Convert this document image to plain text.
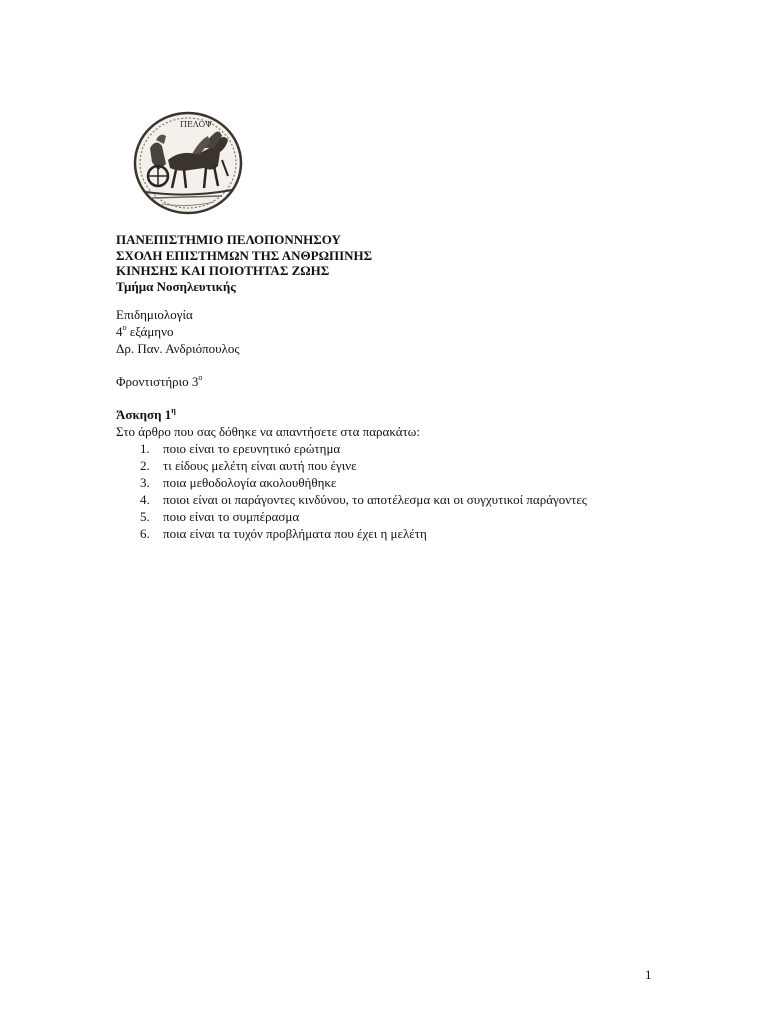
ΠΕΛΟΨ
ΠΑΝΕΠΙΣΤΗΜΙΟ ΠΕΛΟΠΟΝΝΗΣΟΥ
ΣΧΟΛΗ ΕΠΙΣΤΗΜΩΝ ΤΗΣ ΑΝΘΡΩΠΙΝΗΣ
ΚΙΝΗΣΗΣ ΚΑΙ ΠΟΙΟΤΗΤΑΣ ΖΩΗΣ
Τμήμα Νοσηλευτικής
Επιδημιολογία
$4^o$ εξάμηνο
Δρ. Παν. Ανδριόπουλος
Φροντιστήριο $3^o$
Άσκηση $1^\eta$
Στο άρθρο που σας δόθηκε να απαντήσετε στα παρακάτω:
1.	ποιο είναι το ερευνητικό ερώτημα
2.	τι είδους μελέτη είναι αυτή που έγινε
3.	ποια μεθοδολογία ακολουθήθηκε
4.	ποιοι είναι οι παράγοντες κινδύνου, το αποτέλεσμα και οι συγχυτικοί παράγοντες
5.	ποιο είναι το συμπέρασμα
6.	ποια είναι τα τυχόν προβλήματα που έχει η μελέτη
1
